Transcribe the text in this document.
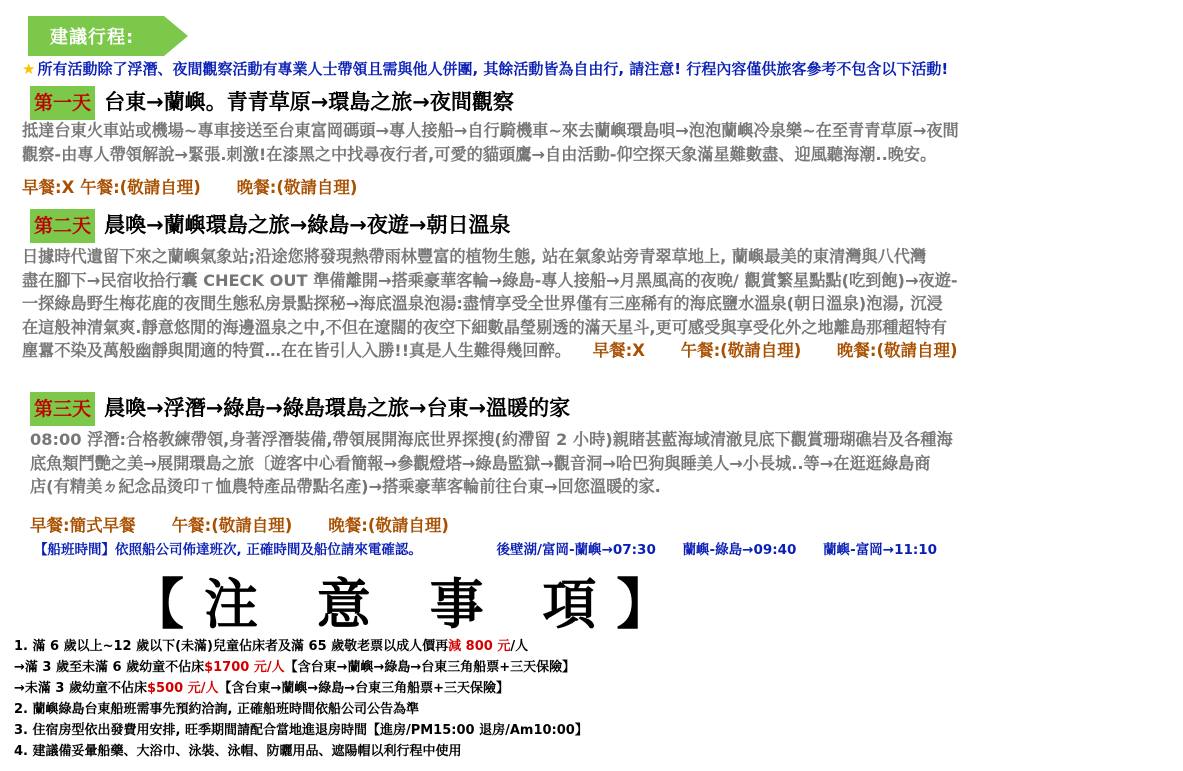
建議行程:
★ 所有活動除了浮潛、夜間觀察活動有專業人士帶領且需與他人併團, 其餘活動皆為自由行, 請注意! 行程內容僅供旅客參考不包含以下活動!
第一天 台東→蘭嶼。青青草原→環島之旅→夜間觀察
抵達台東火車站或機場~專車接送至台東富岡碼頭→專人接船→自行騎機車~來去蘭嶼環島唄→泡泡蘭嶼冷泉樂~在至青青草原→夜間
觀察-由專人帶領解說→緊張.刺激!在漆黑之中找尋夜行者,可愛的貓頭鷹→自由活動-仰空探天象滿星難數盡、迎風聽海潮..晚安。
早餐:X 午餐:(敬請自理) 晚餐:(敬請自理)
第二天 晨喚→蘭嶼環島之旅→綠島→夜遊→朝日溫泉
日據時代遺留下來之蘭嶼氣象站;沿途您將發現熱帶雨林豐富的植物生態, 站在氣象站旁青翠草地上, 蘭嶼最美的東清灣與八代灣
盡在腳下→民宿收拾行囊 CHECK OUT 準備離開→搭乘豪華客輪→綠島-專人接船→月黑風高的夜晚/ 觀賞繁星點點(吃到飽)→夜遊-
一探綠島野生梅花鹿的夜間生態私房景點探秘→海底溫泉泡湯:盡情享受全世界僅有三座稀有的海底鹽水溫泉(朝日溫泉)泡湯, 沉浸
在這般神清氣爽.靜意悠閒的海邊溫泉之中,不但在遼闊的夜空下細數晶瑩剔透的滿天星斗,更可感受與享受化外之地離島那種超特有
塵囂不染及萬般幽靜與閒適的特質…在在皆引人入勝!!真是人生難得幾回醉。 早餐:X 午餐:(敬請自理) 晚餐:(敬請自理)
第三天 晨喚→浮潛→綠島→綠島環島之旅→台東→溫暖的家
08:00 浮潛:合格教練帶領,身著浮潛裝備,帶領展開海底世界探搜(約滯留 2 小時)親睹甚藍海域清澈見底下觀賞珊瑚礁岩及各種海
底魚類鬥艷之美→展開環島之旅〔遊客中心看簡報→參觀燈塔→綠島監獄→觀音洞→哈巴狗與睡美人→小長城..等→在逛逛綠島商
店(有精美ㄉ紀念品烫印ㄒ恤農特產品帶點名產)→搭乘豪華客輪前往台東→回您溫暖的家.
早餐:簡式早餐 午餐:(敬請自理) 晚餐:(敬請自理)
【船班時間】依照船公司佈達班次, 正確時間及船位請來電確認。	後壁湖/富岡-蘭嶼→07:30 蘭嶼-綠島→09:40 蘭嶼-富岡→11:10
【注 意 事 項】
1. 滿 6 歲以上~12 歲以下(未滿)兒童佔床者及滿 65 歲敬老票以成人價再減 800 元/人
→滿 3 歲至未滿 6 歲幼童不佔床$1700 元/人【含台東→蘭嶼→綠島→台東三角船票+三天保險】
→未滿 3 歲幼童不佔床$500 元/人【含台東→蘭嶼→綠島→台東三角船票+三天保險】
2. 蘭嶼綠島台東船班需事先預約洽詢, 正確船班時間依船公司公告為準
3. 住宿房型依出發費用安排, 旺季期間請配合當地進退房時間【進房/PM15:00 退房/Am10:00】
4. 建議備妥暈船藥、大浴巾、泳裝、泳帽、防曬用品、遮陽帽以利行程中使用
